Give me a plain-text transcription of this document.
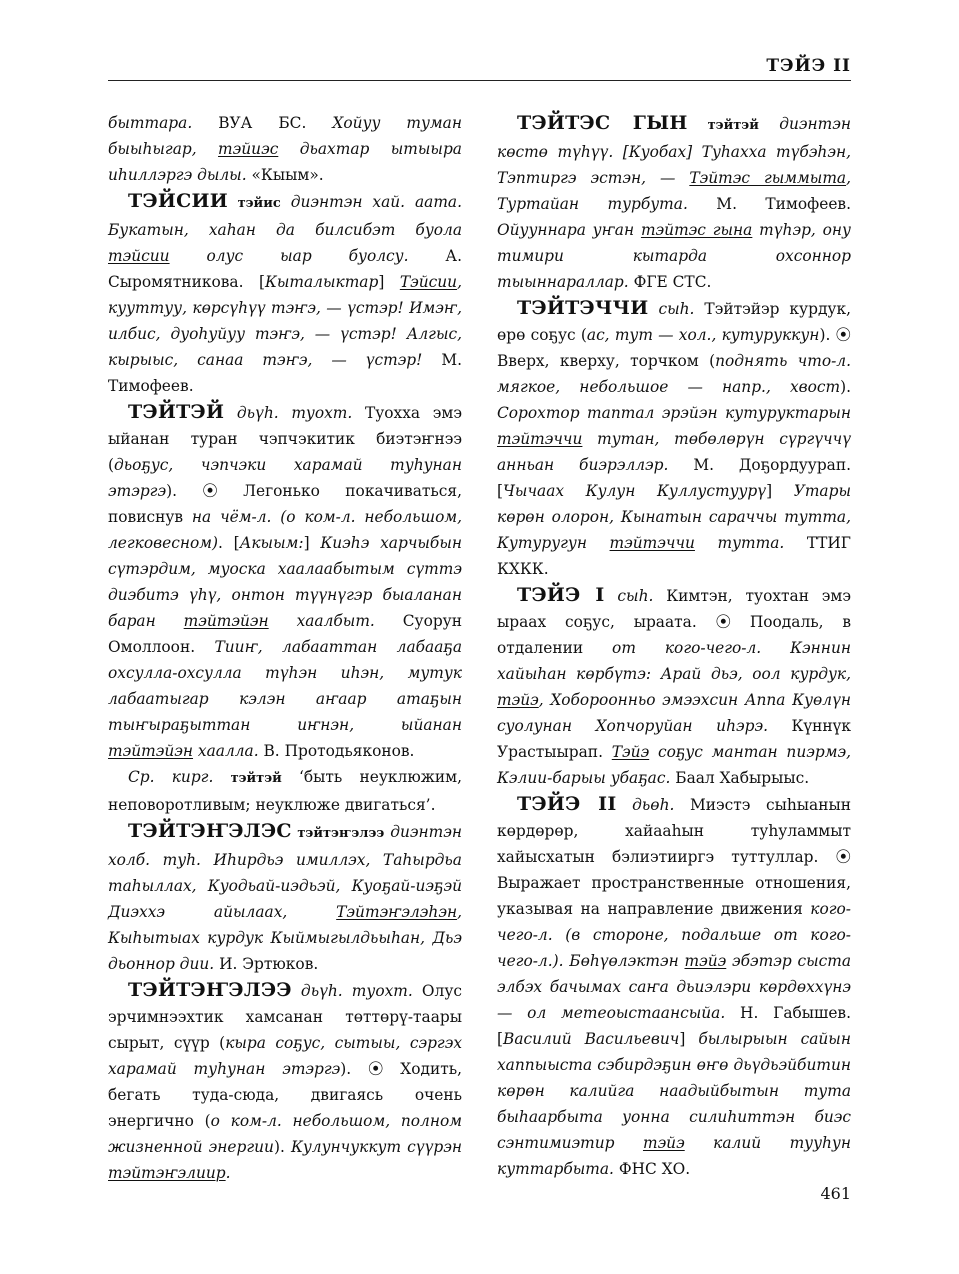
ТЭЙЭ II

быттара. ВУА БС. Хойуу туман быыһыгар, тэйиэс дьахтар ытыыра иһиллэргэ дылы. «Кыым».

ТЭЙСИИ тэйис диэнтэн хай. аата. Букатын, хаһан да билсибэт буола тэйсии олус ыар буолсу. А. Сыромятникова. [Кыталыктар] Тэйсии, кууттуу, көрсүһүү тэҥэ, — үстэр! Имэҥ, илбис, дуоһуйуу тэҥэ, — үстэр! Алгыс, кырыыс, санаа тэҥэ, — үстэр! М. Тимофеев.

ТЭЙТЭЙ дьүһ. туохт. Туохха эмэ ыйанан туран чэпчэкитик биэтэҥнээ (дьоҕус, чэпчэки харамай туһунан этэргэ). ⦿ Легонько покачиваться, повиснув на чём-л. (о ком-л. небольшом, легковесном). [Акыым:] Киэһэ харчыбын сүтэрдим, муоска хаалаабытым сүттэ диэбитэ үһү, онтон түүнүгэр быаланан баран тэйтэйэн хаалбыт. Суорун Омоллоон. Тииҥ, лабааттан лабааҕа охсулла-охсулла түһэн иһэн, мутук лабаатыгар кэлэн аҥаар атаҕын тыҥыраҕыттан иҥнэн, ыйанан тэйтэйэн хаалла. В. Протодьяконов.

Ср. кирг. тэйтэй ‘быть неуклюжим, неповоротливым; неуклюже двигаться’.

ТЭЙТЭҤЭЛЭС тэйтэҥэлээ диэнтэн холб. туһ. Иһирдьэ имиллэх, Таһырдьа таһыллах, Куодьай-иэдьэй, Куоҕай-иэҕэй Диэххэ айылаах, Тэйтэҥэлэһэн, Кыһытыах курдук Кыймыгылдьыһан, Дьэ дьоннор дии. И. Эртюков.

ТЭЙТЭҤЭЛЭЭ дьүһ. туохт. Олус эрчимнээхтик хамсанан төттөрү-таары сырыт, сүүр (кыра соҕус, сытыы, сэргэх харамай туһунан этэргэ). ⦿ Ходить, бегать туда-сюда, двигаясь очень энергично (о ком-л. небольшом, полном жизненной энергии). Кулунчуккут сүүрэн тэйтэҥэлиир.

ТЭЙТЭС ГЫН тэйтэй диэнтэн көстө түһүү. [Куобах] Туһахха түбэһэн, Тэптиргэ эстэн, — Тэйтэс гыммыта, Туртайан турбута. М. Тимофеев. Ойууннара уҥан тэйтэс гына түһэр, ону тимири кытарда охсоннор тыыннараллар. ФГЕ СТС.

ТЭЙТЭЧЧИ сыһ. Тэйтэйэр курдук, өрө соҕус (ас, тут — хол., кутуруккун). ⦿ Вверх, кверху, торчком (поднять что-л. мягкое, небольшое — напр., хвост). Сорохтор таптал эрэйэн кутуруктарын тэйтэччи тутан, төбөлөрүн сүргүччү анньан биэрэллэр. М. Доҕордуурап. [Чычаах Кулун Куллустуурү] Утары көрөн олорон, Кынатын сараччы тутта, Кутуругун тэйтэччи тутта. ТТИГ КХКК.

ТЭЙЭ I сыһ. Кимтэн, туохтан эмэ ыраах соҕус, ыраата. ⦿ Поодаль, в отдалении от кого-чего-л. Кэннин хайыһан көрбүтэ: Арай дьэ, оол курдук, тэйэ, Хобороонньо эмээхсин Аппа Куөлүн суолунан Хопчоруйан иһэрэ. Күннүк Урастыырап. Тэйэ соҕус мантан пиэрмэ, Кэлии-барыы убаҕас. Баал Хабырыыс.

ТЭЙЭ II дьөһ. Миэстэ сыһыанын көрдөрөр, хайааһын туһуламмыт хайысхатын бэлиэтииргэ туттуллар. ⦿ Выражает пространственные отношения, указывая на направление движения кого-чего-л. (в стороне, подальше от кого-чего-л.). Бөһүөлэктэн тэйэ эбэтэр сыста элбэх бачымах саҥа дьиэлэри көрдөххүнэ — ол метеоыстаансыйа. Н. Габышев. [Василий Васильевич] былырыын сайын хаппыыста сэбирдэҕин өҥө дьүдьэйбитин көрөн калийга наадыйбытын тута быһаарбыта уонна силиһиттэн биэс сэнтимиэтир тэйэ калий тууһун куттарбыта. ФНС ХО.

461
